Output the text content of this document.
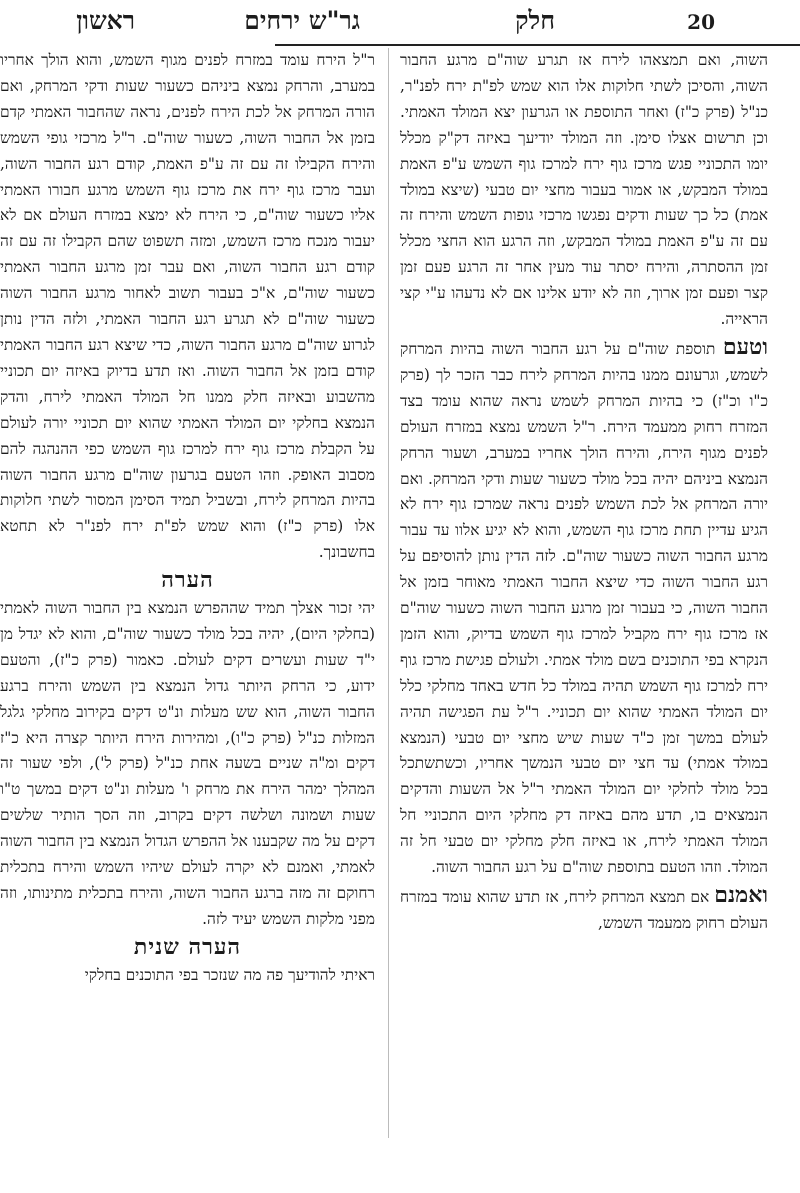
20
חלק
גר"ש ירחים
ראשון

השוה, ואם תמצאהו לירח אז תגרע שוה"ם מרגע החבור השוה, והסיכן לשתי חלוקות אלו הוא שמש לפ"ת ירח לפנ"ר, כנ"ל (פרק כ"ז) ואחר התוספת או הגרעון יצא המולד האמתי. וכן תרשום אצלו סימן. וזה המולד יודיעך באיזה דק"ק מכלל יומו התכוניי פגש מרכז גוף ירח למרכז גוף השמש ע"פ האמת במולד המבקש, או אמור בעבור מחצי יום טבעי (שיצא במולד אמת) כל כך שעות ודקים נפגשו מרכזי גופות השמש והירח זה עם זה ע"פ האמת במולד המבקש, וזה הרגע הוא החצי מכלל זמן ההסתרה, והירח יסתר עוד מעין אחר זה הרגע פעם זמן קצר ופעם זמן ארוך, וזה לא יודע אלינו אם לא נדעהו ע"י קצי הראייה.

וטעם תוספת שוה"ם על רגע החבור השוה בהיות המרחק לשמש, וגרעונם ממנו בהיות המרחק לירח כבר הזכר לך (פרק כ"ו וכ"ז) כי בהיות המרחק לשמש נראה שהוא עומד בצד המזרח רחוק ממעמד הירח. ר"ל השמש נמצא במזרח העולם לפנים מגוף הירח, והירח הולך אחריו במערב, ושעור הרחק הנמצא ביניהם יהיה בכל מולד כשעור שעות ודקי המרחק. ואם יורה המרחק אל לכת השמש לפנים נראה שמרכז גוף ירח לא הגיע עדיין תחת מרכז גוף השמש, והוא לא יגיע אלוו עד עבור מרגע החבור השוה כשעור שוה"ם. לזה הדין נותן להוסיפם על רגע החבור השוה כדי שיצא החבור האמתי מאוחר בזמן אל החבור השוה, כי בעבור זמן מרגע החבור השוה כשעור שוה"ם אז מרכז גוף ירח מקביל למרכז גוף השמש בדיוק, והוא הזמן הנקרא בפי התוכנים בשם מולד אמתי. ולעולם פגישת מרכז גוף ירח למרכז גוף השמש תהיה במולד כל חדש באחד מחלקי כלל יום המולד האמתי שהוא יום תכוניי. ר"ל עת הפגישה תהיה לעולם במשך זמן כ"ד שעות שיש מחצי יום טבעי (הנמצא במולד אמתי) עד חצי יום טבעי הנמשך אחריו, וכשתשתכל בכל מולד לחלקי יום המולד האמתי ר"ל אל השעות והדקים הנמצאים בו, תדע מהם באיזה דק מחלקי היום התכוניי חל המולד האמתי לירח, או באיזה חלק מחלקי יום טבעי חל זה המולד. וזהו הטעם בתוספת שוה"ם על רגע החבור השוה.

ואמנם אם תמצא המרחק לירח, אז תדע שהוא עומד במזרח העולם רחוק ממעמד השמש,

ר"ל הירח עומד במזרח לפנים מגוף השמש, והוא הולך אחריו במערב, והרחק נמצא ביניהם כשעור שעות ודקי המרחק, ואם הורה המרחק אל לכת הירח לפנים, נראה שהחבור האמתי קדם בזמן אל החבור השוה, כשעור שוה"ם. ר"ל מרכזי גופי השמש והירח הקבילו זה עם זה ע"פ האמת, קודם רגע החבור השוה, ועבר מרכז גוף ירח את מרכז גוף השמש מרגע חבורו האמתי אליו כשעור שוה"ם, כי הירח לא ימצא במזרח העולם אם לא יעבור מנכח מרכז השמש, ומזה תשפוט שהם הקבילו זה עם זה קודם רגע החבור השוה, ואם עבר זמן מרגע החבור האמתי כשעור שוה"ם, א"כ בעבור תשוב לאחור מרגע החבור השוה כשעור שוה"ם לא תגרע רגע החבור האמתי, ולזה הדין נותן לגרוע שוה"ם מרגע החבור השוה, כדי שיצא רגע החבור האמתי קודם בזמן אל החבור השוה. ואז תדע בדיוק באיזה יום תכוניי מהשבוע ובאיזה חלק ממנו חל המולד האמתי לירח, והדק הנמצא בחלקי יום המולד האמתי שהוא יום תכוניי יורה לעולם על הקבלת מרכז גוף ירח למרכז גוף השמש כפי ההנהגה להם מסבוב האופק. וזהו הטעם בגרעון שוה"ם מרגע החבור השוה בהיות המרחק לירח, ובשביל תמיד הסימן המסור לשתי חלוקות אלו (פרק כ"ז) והוא שמש לפ"ת ירח לפנ"ר לא תחטא בחשבונך.

הערה

יהי זכור אצלך תמיד שההפרש הנמצא בין החבור השוה לאמתי (בחלקי היום), יהיה בכל מולד כשעור שוה"ם, והוא לא יגדל מן י"ד שעות ועשרים דקים לעולם. כאמור (פרק כ"ז), והטעם ידוע, כי הרחק היותר גדול הנמצא בין השמש והירח ברגע החבור השוה, הוא שש מעלות ונ"ט דקים בקירוב מחלקי גלגל המזלות כנ"ל (פרק כ"ו), ומהירות הירח היותר קצרה היא כ"ז דקים ומ"ה שניים בשעה אחת כנ"ל (פרק ל'), ולפי שעור זה המהלך ימהר הירח את מרחק ו' מעלות ונ"ט דקים במשך ט"ו שעות ושמונה ושלשה דקים בקרוב, וזה הסך הותיר שלשים דקים על מה שקבענו אל ההפרש הגדול הנמצא בין החבור השוה לאמתי, ואמנם לא יקרה לעולם שיהיו השמש והירח בתכלית רחוקם זה מזה ברגע החבור השוה, והירח בתכלית מתינותו, וזה מפני מלקות השמש יעיד לזה.

הערה שנית

ראיתי להודיעך פה מה שנזכר בפי התוכנים בחלקי
